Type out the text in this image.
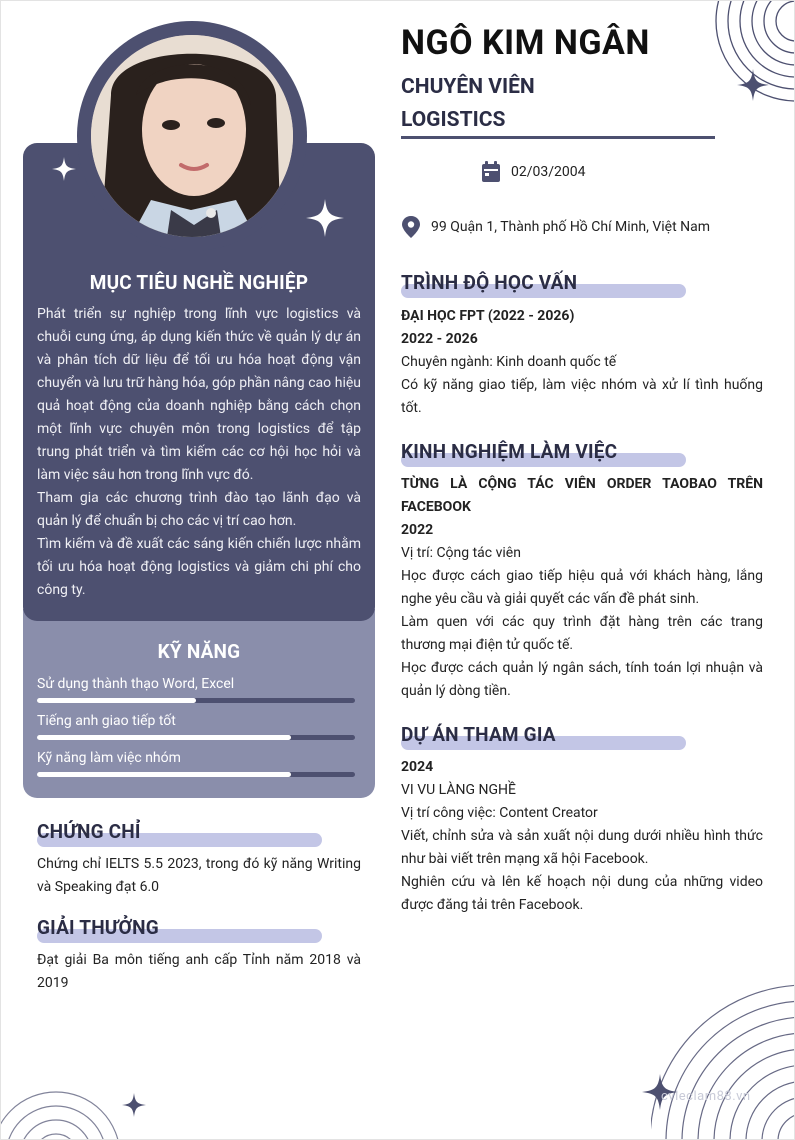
cvleclam88.vn
MỤC TIÊU NGHỀ NGHIỆP

Phát triển sự nghiệp trong lĩnh vực logistics và chuỗi cung ứng, áp dụng kiến thức về quản lý dự án và phân tích dữ liệu để tối ưu hóa hoạt động vận chuyển và lưu trữ hàng hóa, góp phần nâng cao hiệu quả hoạt động của doanh nghiệp bằng cách chọn một lĩnh vực chuyên môn trong logistics để tập trung phát triển và tìm kiếm các cơ hội học hỏi và làm việc sâu hơn trong lĩnh vực đó.

Tham gia các chương trình đào tạo lãnh đạo và quản lý để chuẩn bị cho các vị trí cao hơn.

Tìm kiếm và đề xuất các sáng kiến chiến lược nhằm tối ưu hóa hoạt động logistics và giảm chi phí cho công ty.

KỸ NĂNG
Sử dụng thành thạo Word, Excel
Tiếng anh giao tiếp tốt
Kỹ năng làm việc nhóm
CHỨNG CHỈ
Chứng chỉ IELTS 5.5 2023, trong đó kỹ năng Writing và Speaking đạt 6.0
GIẢI THƯỞNG
Đạt giải Ba môn tiếng anh cấp Tỉnh năm 2018 và 2019
NGÔ KIM NGÂN
CHUYÊN VIÊN
LOGISTICS
02/03/2004
99 Quận 1, Thành phố Hồ Chí Minh, Việt Nam
TRÌNH ĐỘ HỌC VẤN
ĐẠI HỌC FPT (2022 - 2026)
2022 - 2026
Chuyên ngành: Kinh doanh quốc tế
Có kỹ năng giao tiếp, làm việc nhóm và xử lí tình huống tốt.
KINH NGHIỆM LÀM VIỆC
TỪNG LÀ CỘNG TÁC VIÊN ORDER TAOBAO TRÊN FACEBOOK
2022
Vị trí: Cộng tác viên
Học được cách giao tiếp hiệu quả với khách hàng, lắng nghe yêu cầu và giải quyết các vấn đề phát sinh.
Làm quen với các quy trình đặt hàng trên các trang thương mại điện tử quốc tế.
Học được cách quản lý ngân sách, tính toán lợi nhuận và quản lý dòng tiền.
DỰ ÁN THAM GIA
2024
VI VU LÀNG NGHỀ
Vị trí công việc: Content Creator
Viết, chỉnh sửa và sản xuất nội dung dưới nhiều hình thức như bài viết trên mạng xã hội Facebook.
Nghiên cứu và lên kế hoạch nội dung của những video được đăng tải trên Facebook.
